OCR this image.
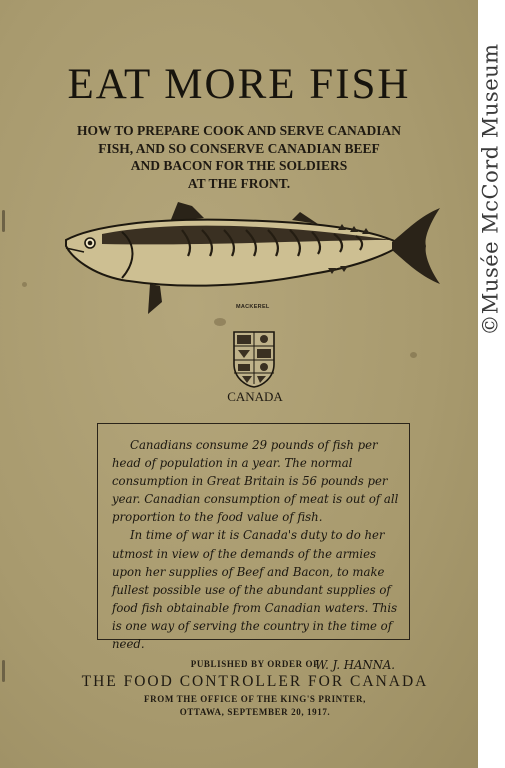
EAT MORE FISH
HOW TO PREPARE COOK AND SERVE CANADIAN
FISH, AND SO CONSERVE CANADIAN BEEF
AND BACON FOR THE SOLDIERS
AT THE FRONT.
MACKEREL
CANADA

Canadians consume 29 pounds of fish per head of population in a year. The normal consumption in Great Britain is 56 pounds per year. Canadian consumption of meat is out of all proportion to the food value of fish.

In time of war it is Canada's duty to do her utmost in view of the demands of the armies upon her supplies of Beef and Bacon, to make fullest possible use of the abundant supplies of food fish obtainable from Canadian waters. This is one way of serving the country in the time of need.

W. J. HANNA.

PUBLISHED BY ORDER OF
THE FOOD CONTROLLER FOR CANADA
FROM THE OFFICE OF THE KING'S PRINTER,
OTTAWA, SEPTEMBER 20, 1917.
©Musée McCord Museum
